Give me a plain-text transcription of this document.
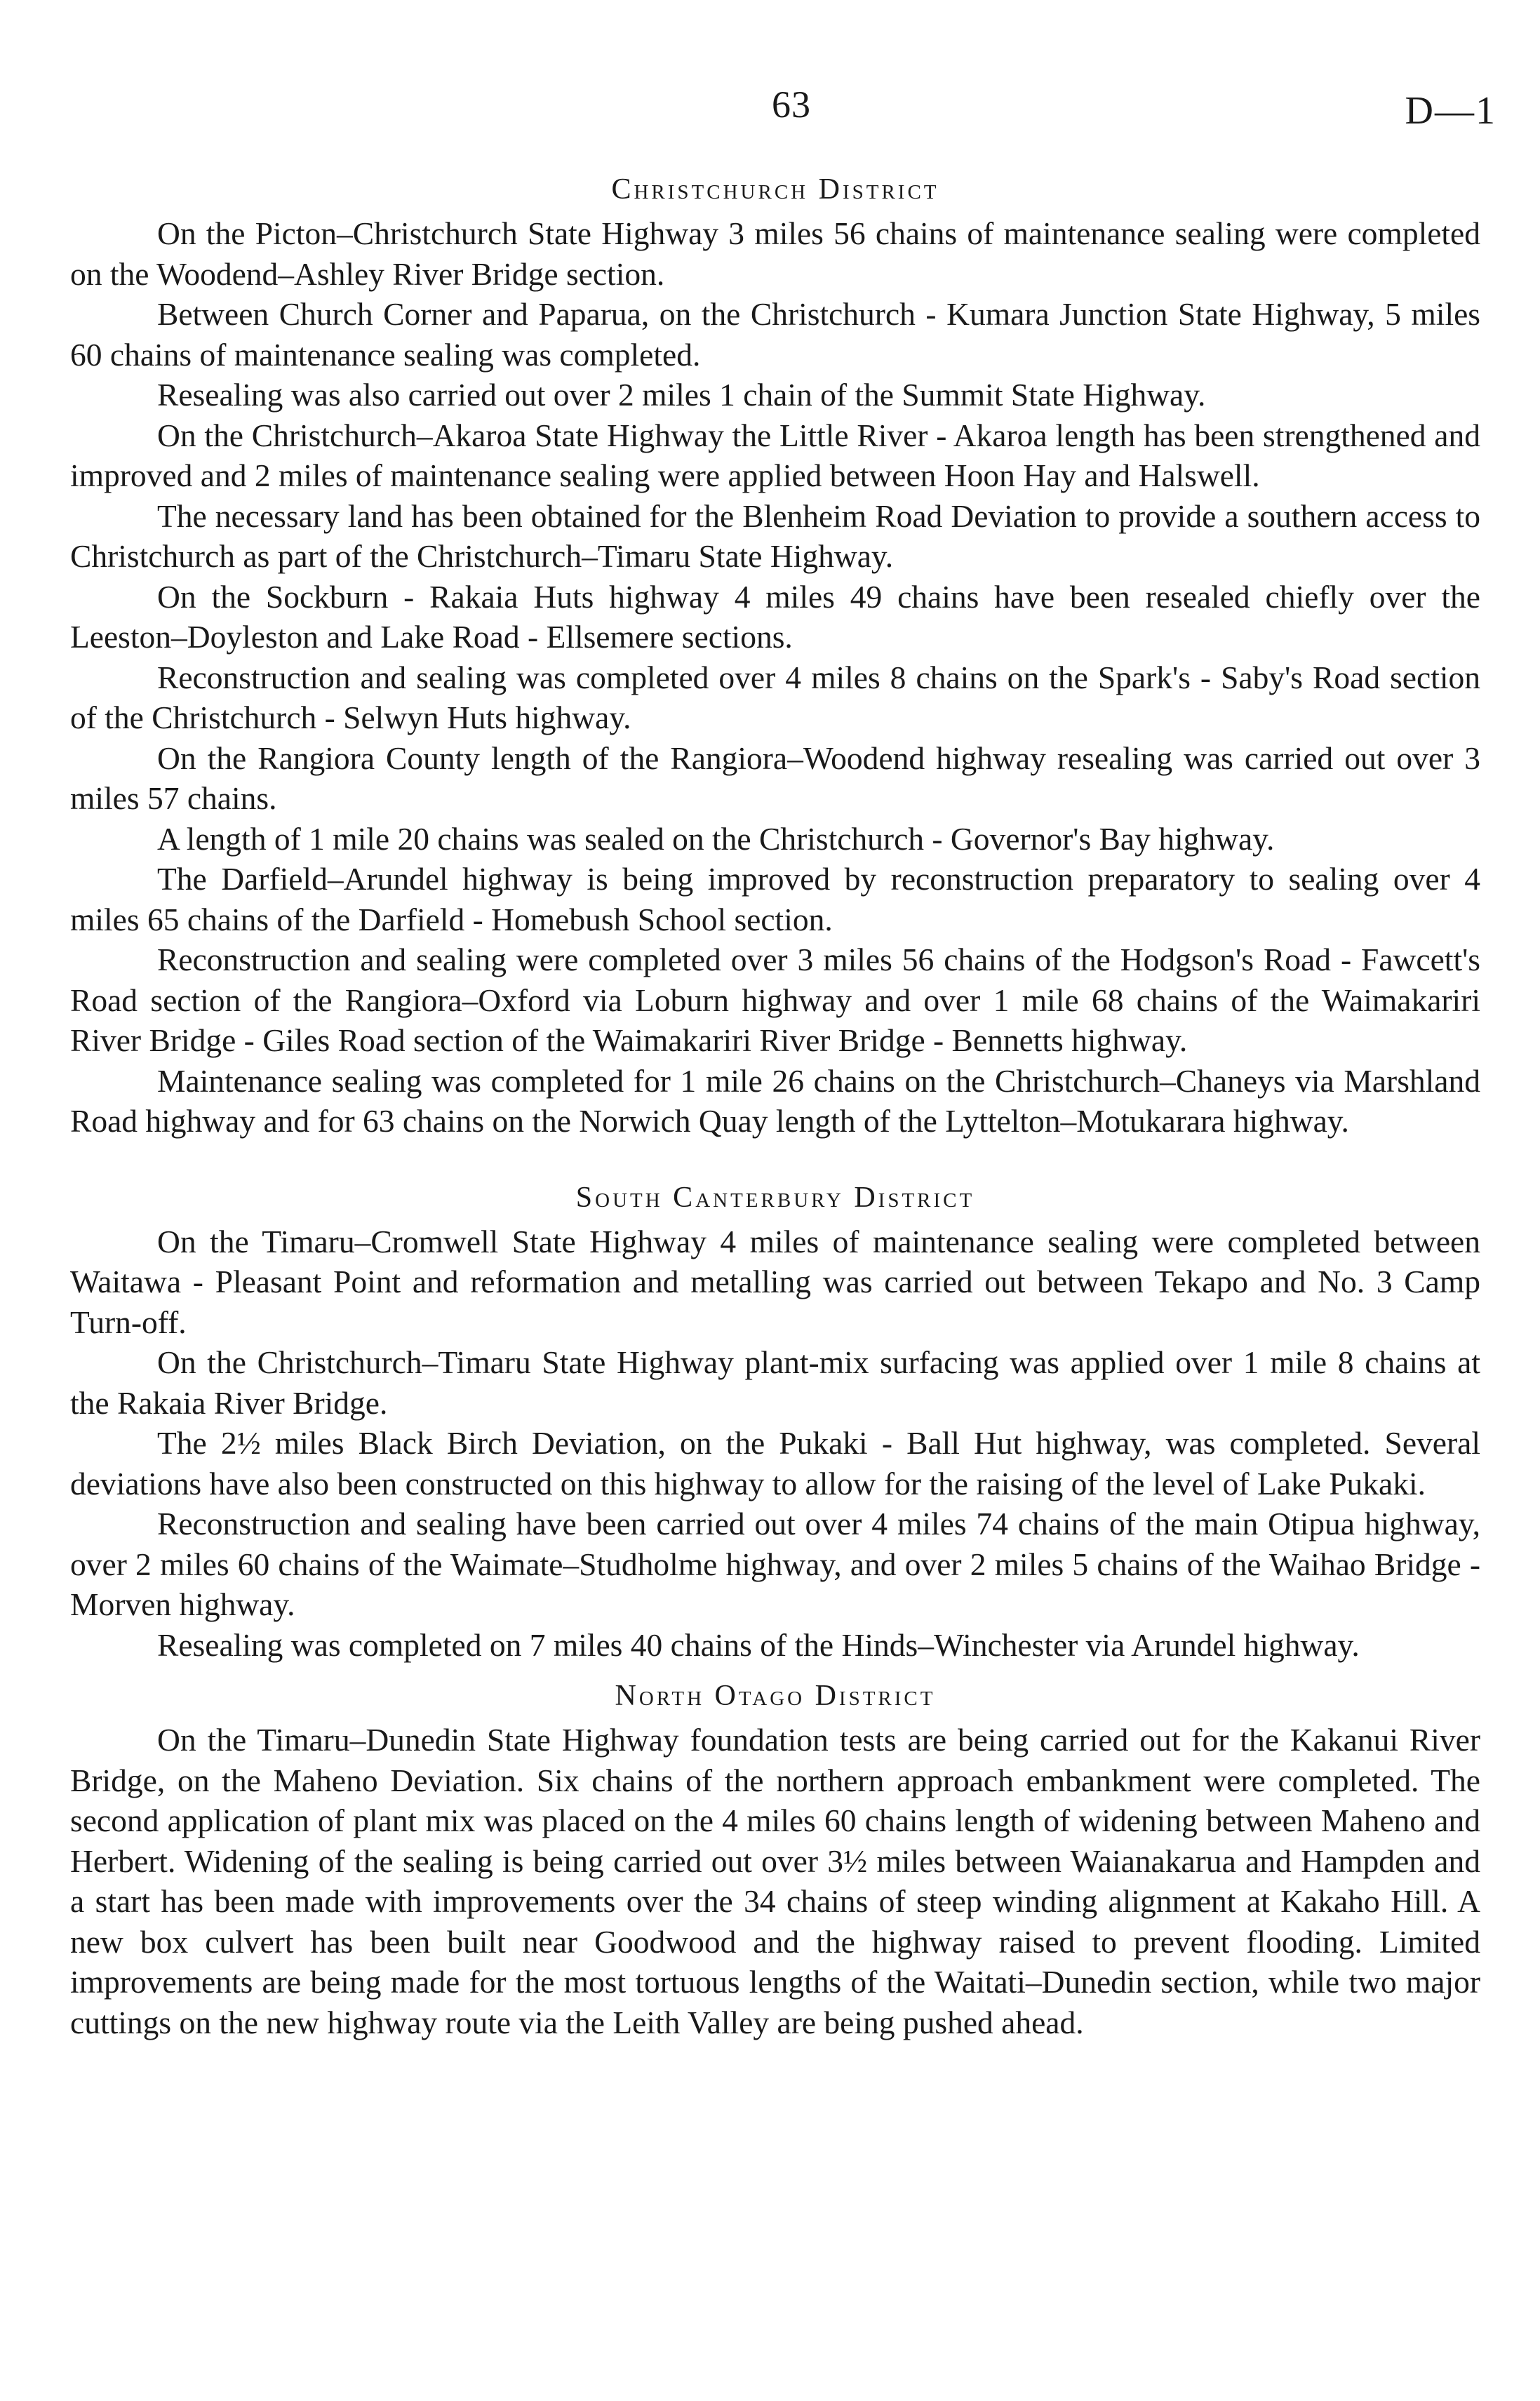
63	D—1
Christchurch District

On the Picton–Christchurch State Highway 3 miles 56 chains of maintenance sealing were completed on the Woodend–Ashley River Bridge section.

Between Church Corner and Paparua, on the Christchurch - Kumara Junction State Highway, 5 miles 60 chains of maintenance sealing was completed.

Resealing was also carried out over 2 miles 1 chain of the Summit State Highway.

On the Christchurch–Akaroa State Highway the Little River - Akaroa length has been strengthened and improved and 2 miles of maintenance sealing were applied between Hoon Hay and Halswell.

The necessary land has been obtained for the Blenheim Road Deviation to provide a southern access to Christchurch as part of the Christchurch–Timaru State Highway.

On the Sockburn - Rakaia Huts highway 4 miles 49 chains have been resealed chiefly over the Leeston–Doyleston and Lake Road - Ellsemere sections.

Reconstruction and sealing was completed over 4 miles 8 chains on the Spark's - Saby's Road section of the Christchurch - Selwyn Huts highway.

On the Rangiora County length of the Rangiora–Woodend highway resealing was carried out over 3 miles 57 chains.

A length of 1 mile 20 chains was sealed on the Christchurch - Governor's Bay highway.

The Darfield–Arundel highway is being improved by reconstruction preparatory to sealing over 4 miles 65 chains of the Darfield - Homebush School section.

Reconstruction and sealing were completed over 3 miles 56 chains of the Hodgson's Road - Fawcett's Road section of the Rangiora–Oxford via Loburn highway and over 1 mile 68 chains of the Waimakariri River Bridge - Giles Road section of the Waimakariri River Bridge - Bennetts highway.

Maintenance sealing was completed for 1 mile 26 chains on the Christchurch–Chaneys via Marshland Road highway and for 63 chains on the Norwich Quay length of the Lyttelton–Motukarara highway.

South Canterbury District

On the Timaru–Cromwell State Highway 4 miles of maintenance sealing were completed between Waitawa - Pleasant Point and reformation and metalling was carried out between Tekapo and No. 3 Camp Turn-off.

On the Christchurch–Timaru State Highway plant-mix surfacing was applied over 1 mile 8 chains at the Rakaia River Bridge.

The 2½ miles Black Birch Deviation, on the Pukaki - Ball Hut highway, was completed. Several deviations have also been constructed on this highway to allow for the raising of the level of Lake Pukaki.

Reconstruction and sealing have been carried out over 4 miles 74 chains of the main Otipua highway, over 2 miles 60 chains of the Waimate–Studholme highway, and over 2 miles 5 chains of the Waihao Bridge - Morven highway.

Resealing was completed on 7 miles 40 chains of the Hinds–Winchester via Arundel highway.

North Otago District

On the Timaru–Dunedin State Highway foundation tests are being carried out for the Kakanui River Bridge, on the Maheno Deviation. Six chains of the northern approach embankment were completed. The second application of plant mix was placed on the 4 miles 60 chains length of widening between Maheno and Herbert. Widening of the sealing is being carried out over 3½ miles between Waianakarua and Hampden and a start has been made with improvements over the 34 chains of steep winding alignment at Kakaho Hill. A new box culvert has been built near Goodwood and the highway raised to prevent flooding. Limited improvements are being made for the most tortuous lengths of the Waitati–Dunedin section, while two major cuttings on the new highway route via the Leith Valley are being pushed ahead.
